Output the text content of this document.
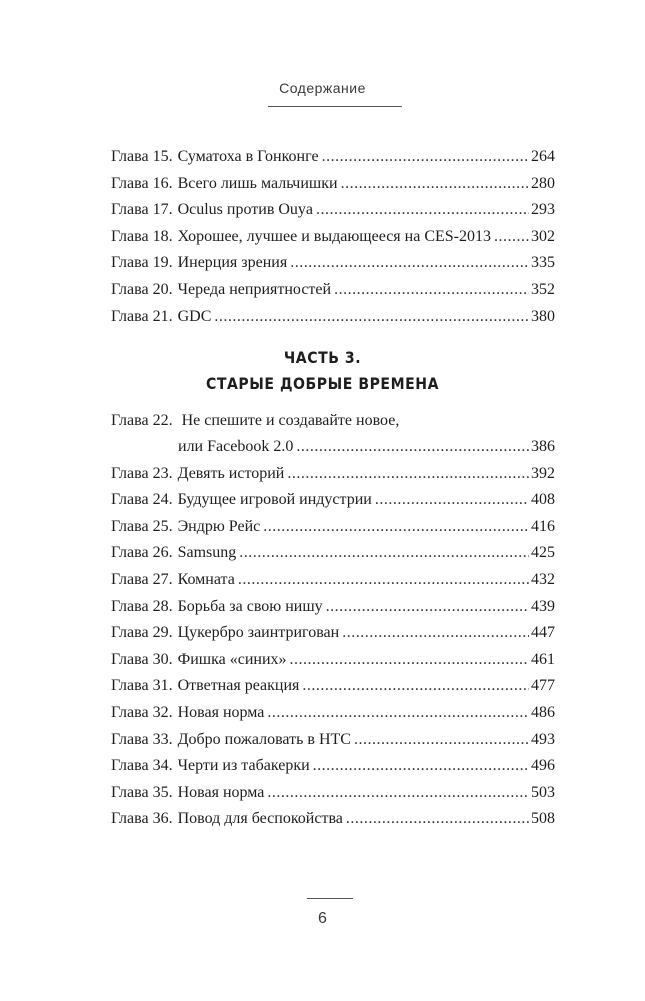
Содержание
Глава 15. Суматоха в Гонконге .....	264
Глава 16. Всего лишь мальчишки .....	280
Глава 17. Oculus против Ouya .....	293
Глава 18. Хорошее, лучшее и выдающееся на CES-2013 .....	302
Глава 19. Инерция зрения .....	335
Глава 20. Череда неприятностей .....	352
Глава 21. GDC .....	380
ЧАСТЬ 3.
СТАРЫЕ ДОБРЫЕ ВРЕМЕНА
Глава 22. Не спешите и создавайте новое,
или Facebook 2.0 .....	386
Глава 23. Девять историй .....	392
Глава 24. Будущее игровой индустрии .....	408
Глава 25. Эндрю Рейс .....	416
Глава 26. Samsung .....	425
Глава 27. Комната .....	432
Глава 28. Борьба за свою нишу .....	439
Глава 29. Цукербро заинтригован .....	447
Глава 30. Фишка «синих» .....	461
Глава 31. Ответная реакция .....	477
Глава 32. Новая норма .....	486
Глава 33. Добро пожаловать в НТС .....	493
Глава 34. Черти из табакерки .....	496
Глава 35. Новая норма .....	503
Глава 36. Повод для беспокойства .....	508
6
